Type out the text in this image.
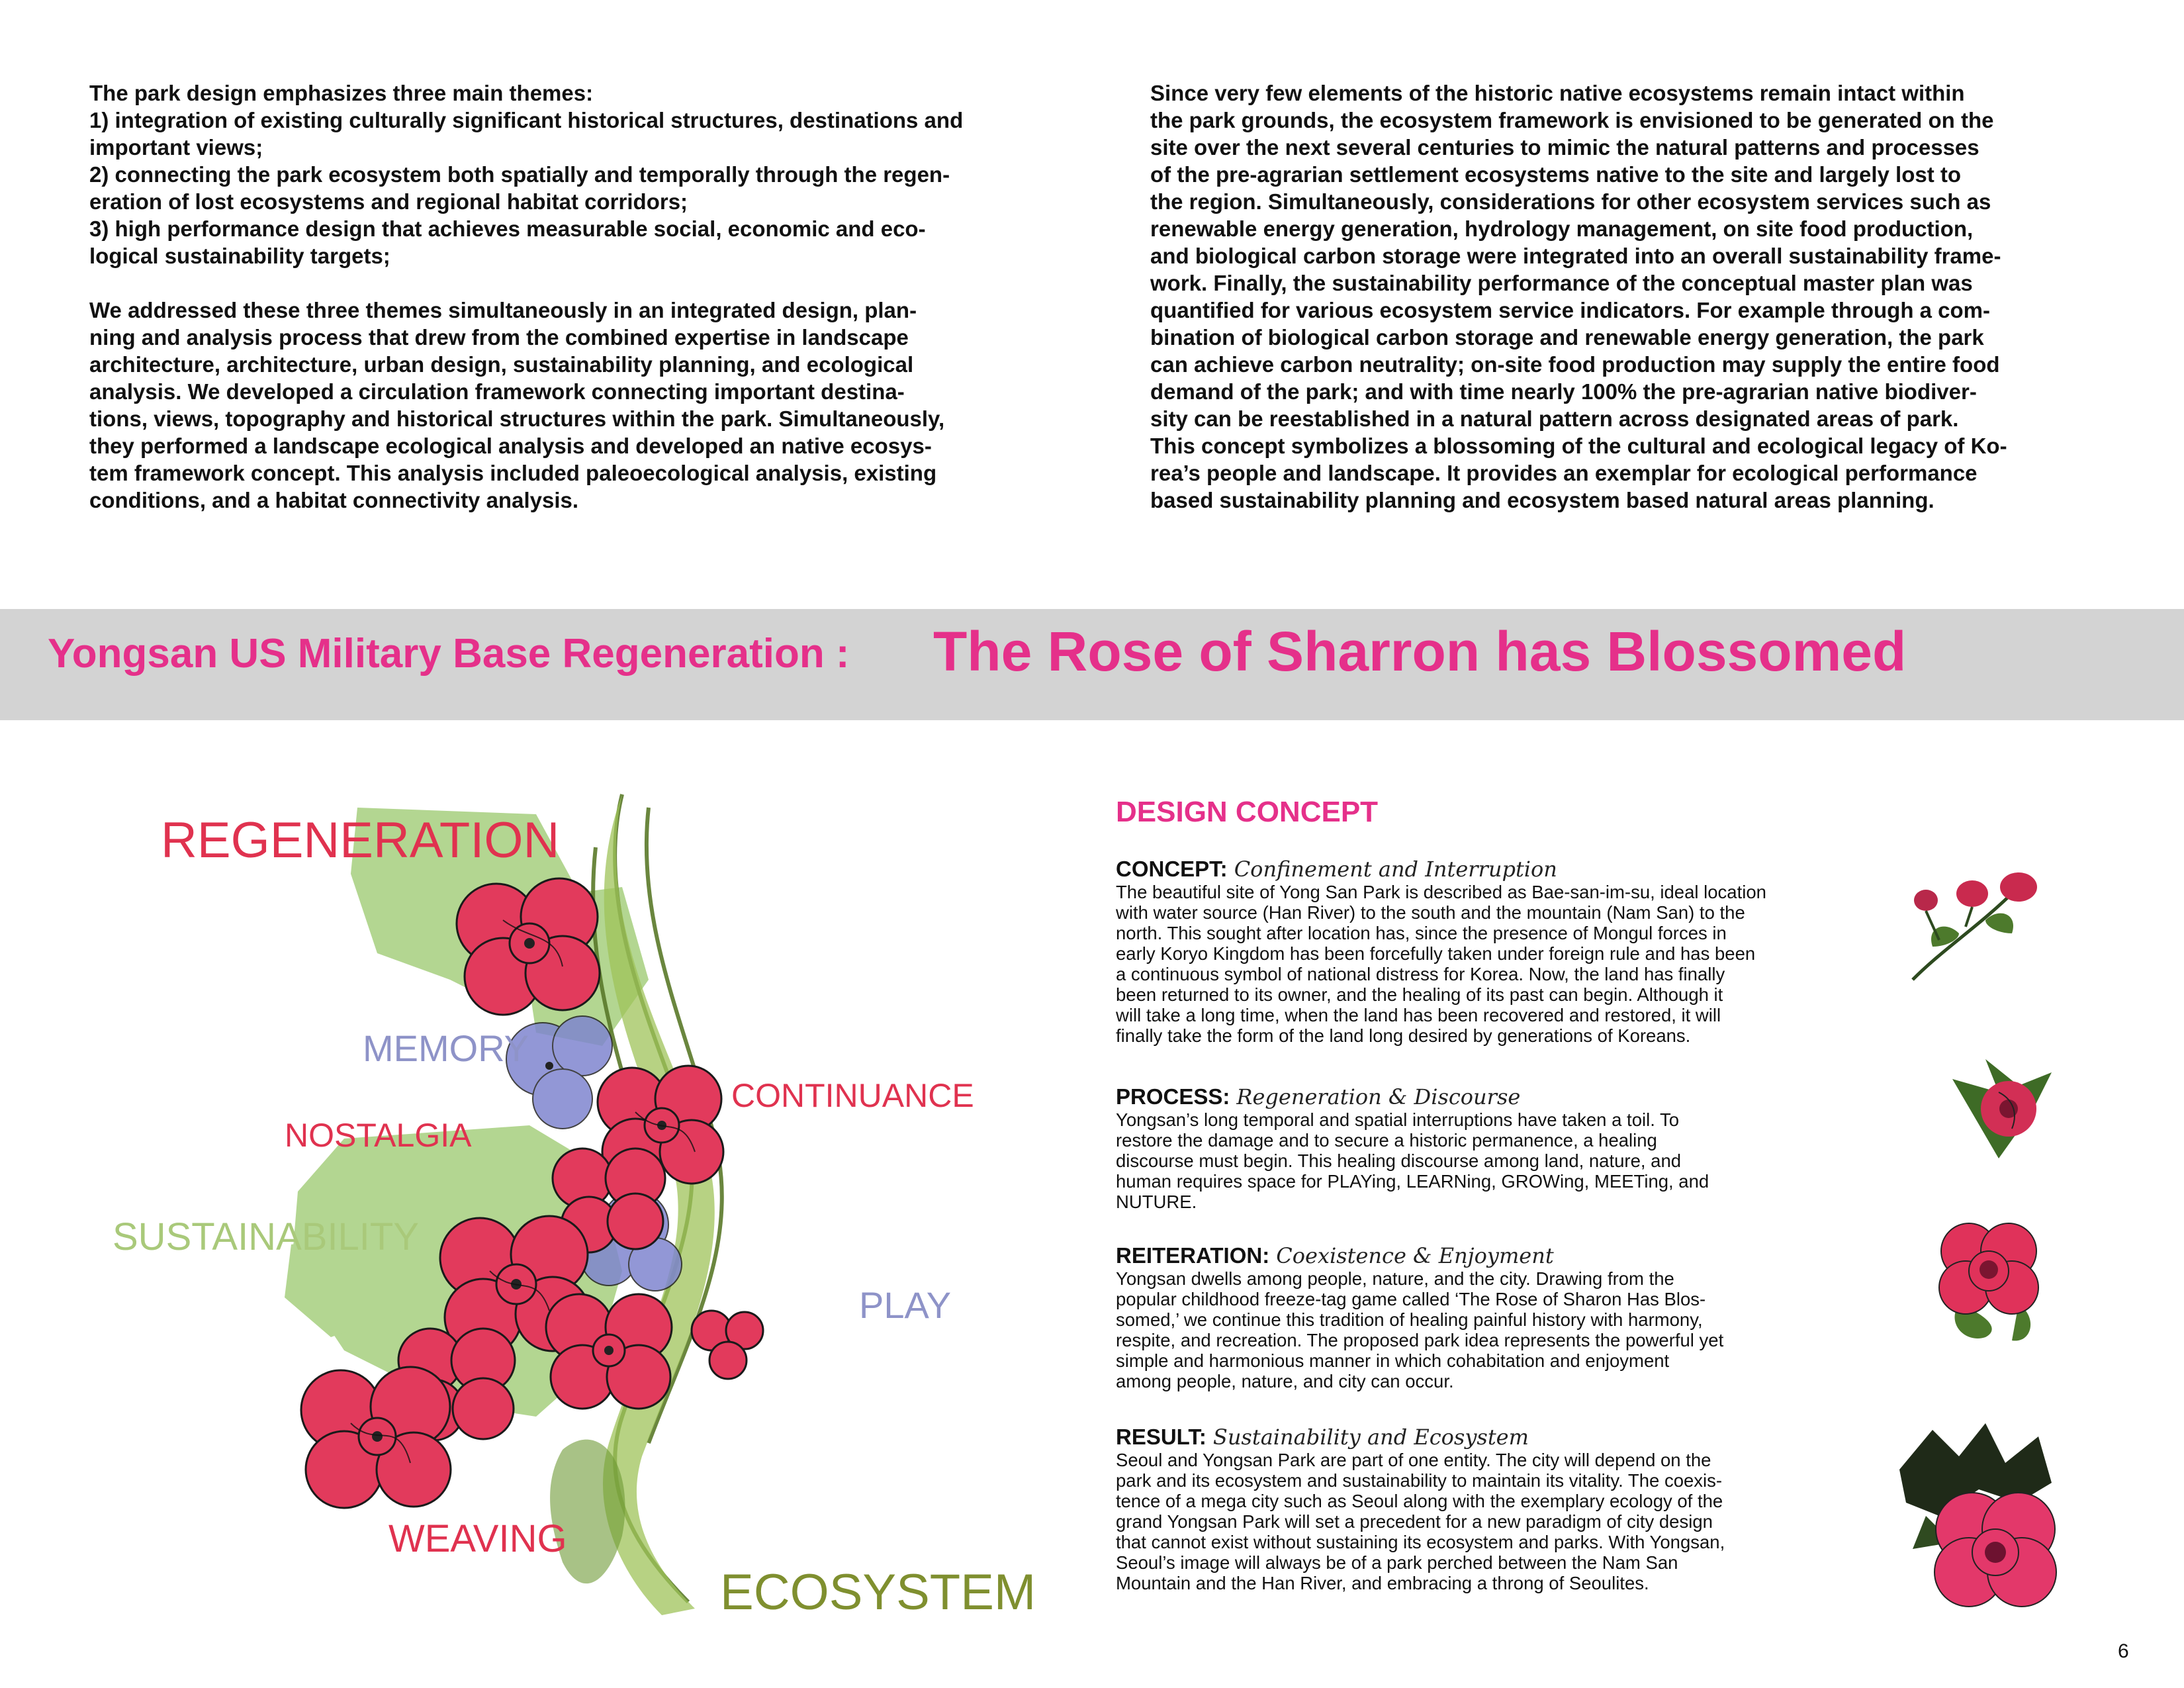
The park design emphasizes three main themes:
1) integration of existing culturally significant historical structures, destinations and
important views;
2) connecting the park ecosystem both spatially and temporally through the regen-
eration of lost ecosystems and regional habitat corridors;
3) high performance design that achieves measurable social, economic and eco-
logical sustainability targets;

We addressed these three themes simultaneously in an integrated design, plan-
ning and analysis process that drew from the combined expertise in landscape
architecture, architecture, urban design, sustainability planning, and ecological
analysis. We developed a circulation framework connecting important destina-
tions, views, topography and historical structures within the park. Simultaneously,
they performed a landscape ecological analysis and developed an native ecosys-
tem framework concept. This analysis included paleoecological analysis, existing
conditions, and a habitat connectivity analysis.

Since very few elements of the historic native ecosystems remain intact within
the park grounds, the ecosystem framework is envisioned to be generated on the
site over the next several centuries to mimic the natural patterns and processes
of the pre-agrarian settlement ecosystems native to the site and largely lost to
the region. Simultaneously, considerations for other ecosystem services such as
renewable energy generation, hydrology management, on site food production,
and biological carbon storage were integrated into an overall sustainability frame-
work. Finally, the sustainability performance of the conceptual master plan was
quantified for various ecosystem service indicators. For example through a com-
bination of biological carbon storage and renewable energy generation, the park
can achieve carbon neutrality; on-site food production may supply the entire food
demand of the park; and with time nearly 100% the pre-agrarian native biodiver-
sity can be reestablished in a natural pattern across designated areas of park.
This concept symbolizes a blossoming of the cultural and ecological legacy of Ko-
rea’s people and landscape. It provides an exemplar for ecological performance
based sustainability planning and ecosystem based natural areas planning.

Yongsan US Military Base Regeneration : The Rose of Sharron has Blossomed
REGENERATION
MEMORY
NOSTALGIA
CONTINUANCE
SUSTAINABILITY
PLAY
WEAVING
ECOSYSTEM
DESIGN CONCEPT
CONCEPT: Confinement and Interruption
The beautiful site of Yong San Park is described as Bae-san-im-su, ideal location
with water source (Han River) to the south and the mountain (Nam San) to the
north. This sought after location has, since the presence of Mongul forces in
early Koryo Kingdom has been forcefully taken under foreign rule and has been
a continuous symbol of national distress for Korea. Now, the land has finally
been returned to its owner, and the healing of its past can begin. Although it
will take a long time, when the land has been recovered and restored, it will
finally take the form of the land long desired by generations of Koreans.
PROCESS: Regeneration & Discourse
Yongsan’s long temporal and spatial interruptions have taken a toil. To
restore the damage and to secure a historic permanence, a healing
discourse must begin. This healing discourse among land, nature, and
human requires space for PLAYing, LEARNing, GROWing, MEETing, and
NUTURE.
REITERATION: Coexistence & Enjoyment
Yongsan dwells among people, nature, and the city. Drawing from the
popular childhood freeze-tag game called ‘The Rose of Sharon Has Blos-
somed,’ we continue this tradition of healing painful history with harmony,
respite, and recreation. The proposed park idea represents the powerful yet
simple and harmonious manner in which cohabitation and enjoyment
among people, nature, and city can occur.
RESULT: Sustainability and Ecosystem
Seoul and Yongsan Park are part of one entity. The city will depend on the
park and its ecosystem and sustainability to maintain its vitality. The coexis-
tence of a mega city such as Seoul along with the exemplary ecology of the
grand Yongsan Park will set a precedent for a new paradigm of city design
that cannot exist without sustaining its ecosystem and parks. With Yongsan,
Seoul’s image will always be of a park perched between the Nam San
Mountain and the Han River, and embracing a throng of Seoulites.
6
